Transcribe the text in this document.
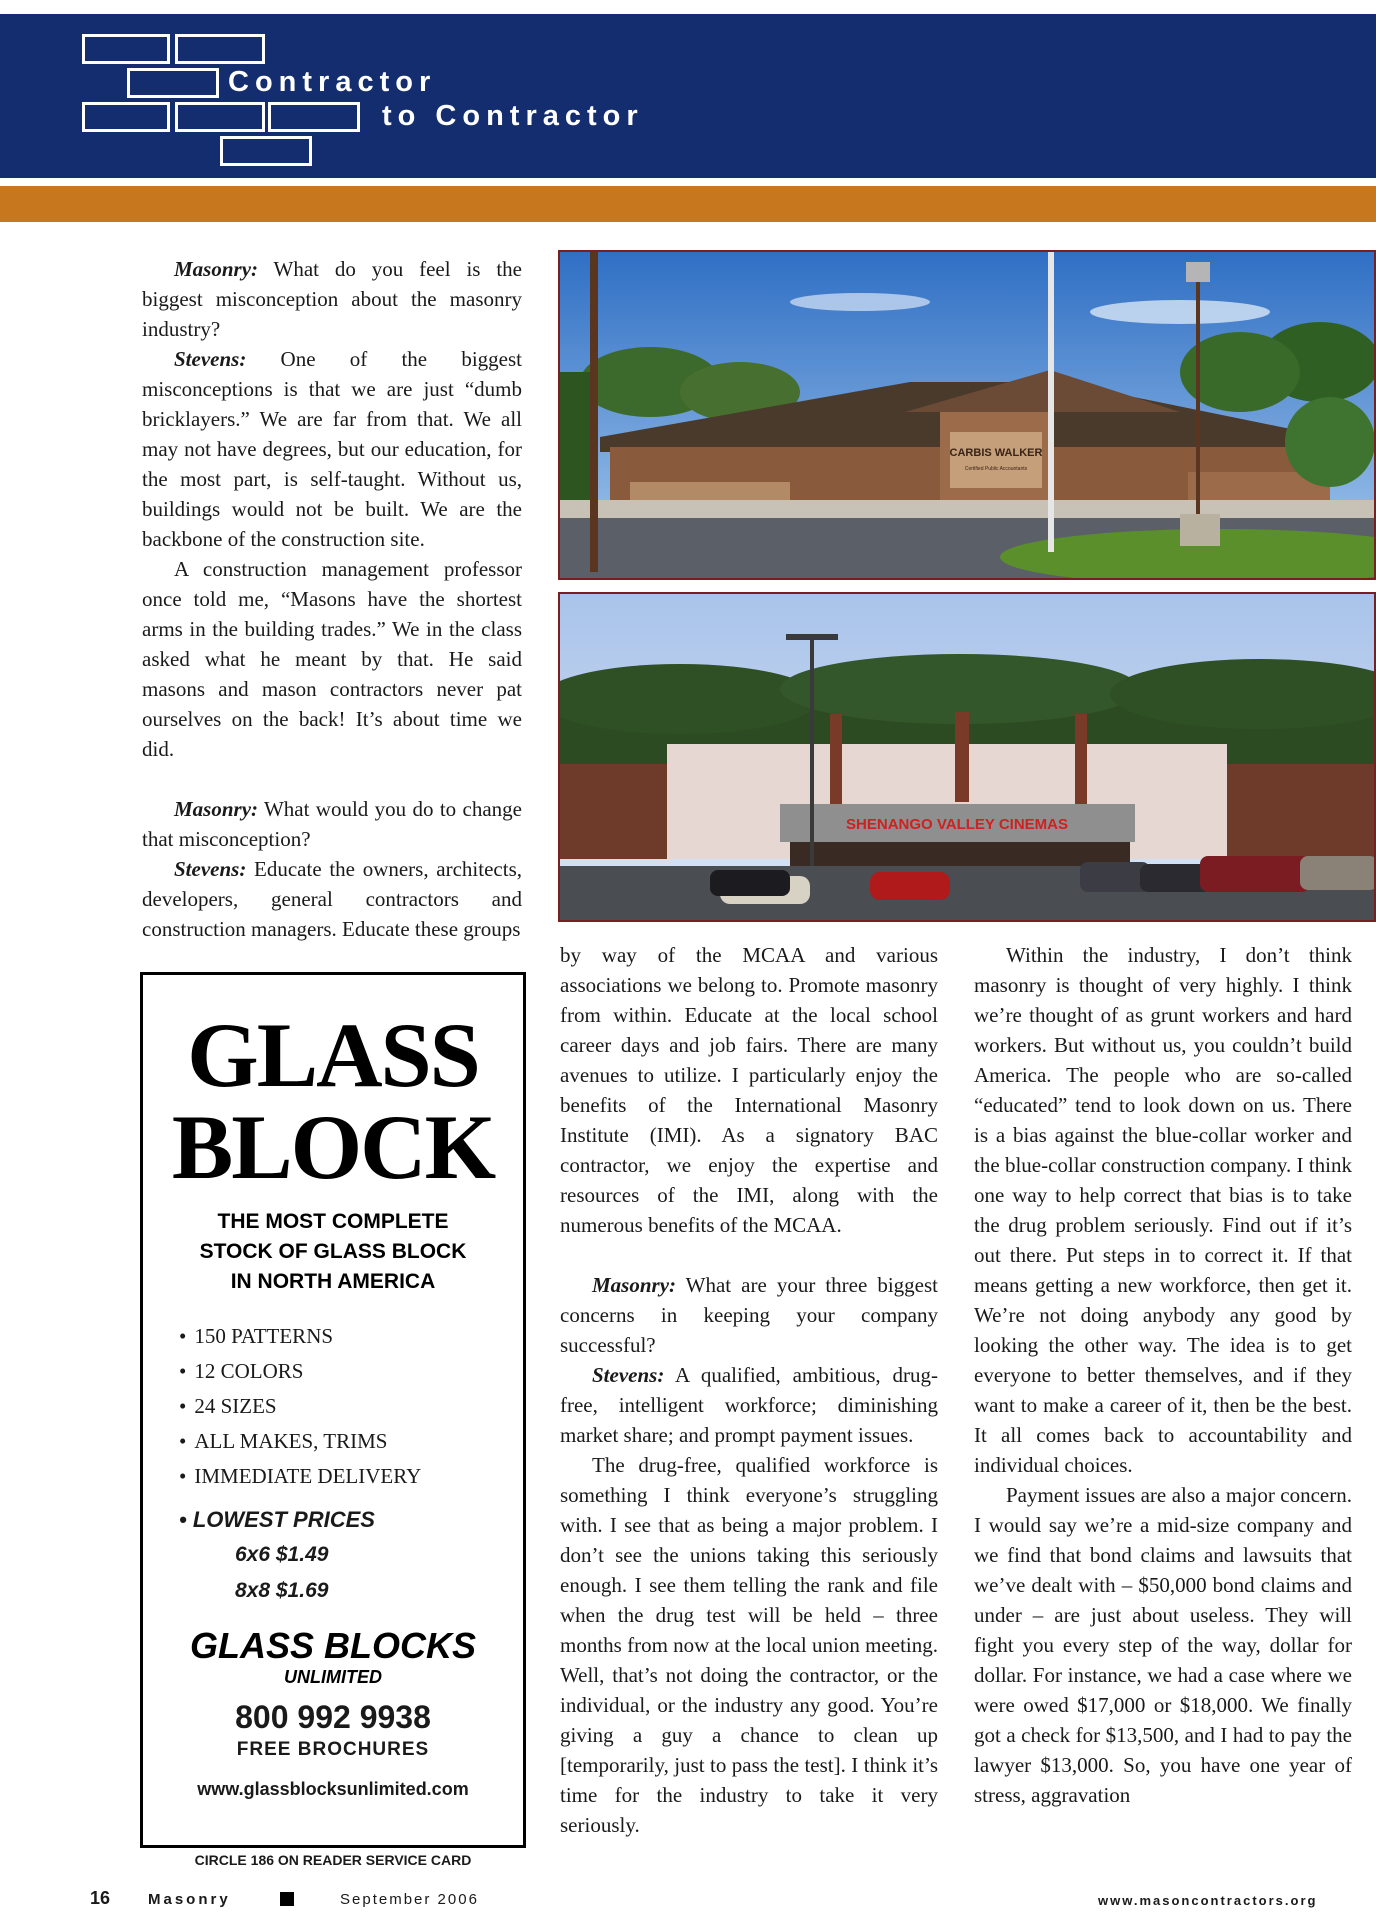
Contractor
to Contractor

Masonry: What do you feel is the biggest misconception about the masonry industry?

Stevens: One of the biggest misconceptions is that we are just “dumb bricklayers.” We are far from that. We all may not have degrees, but our education, for the most part, is self-taught. Without us, buildings would not be built. We are the backbone of the construction site.

A construction management professor once told me, “Masons have the shortest arms in the building trades.” We in the class asked what he meant by that. He said masons and mason contractors never pat ourselves on the back! It’s about time we did.

Masonry: What would you do to change that misconception?

Stevens: Educate the owners, architects, developers, general contractors and construction managers. Educate these groups

CARBIS WALKER
Certified Public Accountants
SHENANGO VALLEY CINEMAS

by way of the MCAA and various associations we belong to. Promote masonry from within. Educate at the local school career days and job fairs. There are many avenues to utilize. I particularly enjoy the benefits of the International Masonry Institute (IMI). As a signatory BAC contractor, we enjoy the expertise and resources of the IMI, along with the numerous benefits of the MCAA.

Masonry: What are your three biggest concerns in keeping your company successful?

Stevens: A qualified, ambitious, drug-free, intelligent workforce; diminishing market share; and prompt payment issues.

The drug-free, qualified workforce is something I think everyone’s struggling with. I see that as being a major problem. I don’t see the unions taking this seriously enough. I see them telling the rank and file when the drug test will be held – three months from now at the local union meeting. Well, that’s not doing the contractor, or the individual, or the industry any good. You’re giving a guy a chance to clean up [temporarily, just to pass the test]. I think it’s time for the industry to take it very seriously.

Within the industry, I don’t think masonry is thought of very highly. I think we’re thought of as grunt workers and hard workers. But without us, you couldn’t build America. The people who are so-called “educated” tend to look down on us. There is a bias against the blue-collar worker and the blue-collar construction company. I think one way to help correct that bias is to take the drug problem seriously. Find out if it’s out there. Put steps in to correct it. If that means getting a new workforce, then get it. We’re not doing anybody any good by looking the other way. The idea is to get everyone to better themselves, and if they want to make a career of it, then be the best. It all comes back to accountability and individual choices.

Payment issues are also a major concern. I would say we’re a mid-size company and we find that bond claims and lawsuits that we’ve dealt with – $50,000 bond claims and under – are just about useless. They will fight you every step of the way, dollar for dollar. For instance, we had a case where we were owed $17,000 or $18,000. We finally got a check for $13,500, and I had to pay the lawyer $13,000. So, you have one year of stress, aggravation

GLASS
BLOCK
THE MOST COMPLETE
STOCK OF GLASS BLOCK
IN NORTH AMERICA
• 150 PATTERNS
• 12 COLORS
• 24 SIZES
• ALL MAKES, TRIMS
• IMMEDIATE DELIVERY
• LOWEST PRICES
6x6 $1.49
8x8 $1.69
GLASS BLOCKS
UNLIMITED
800 992 9938
FREE BROCHURES
www.glassblocksunlimited.com
CIRCLE 186 ON READER SERVICE CARD
16	Masonry	September 2006	www.masoncontractors.org
